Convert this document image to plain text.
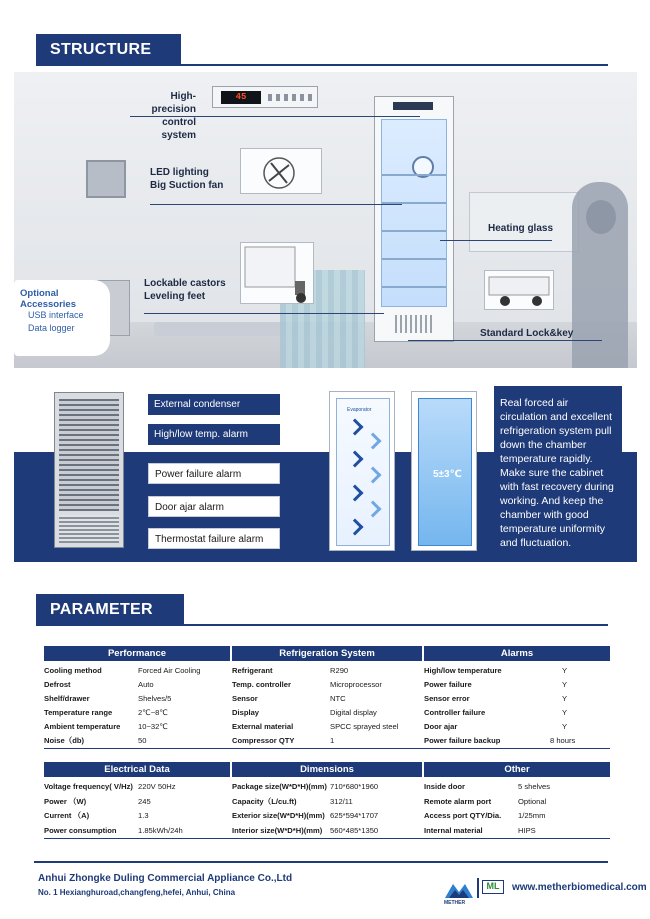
STRUCTURE
45
High-precision
control system
LED lighting
Big Suction fan
Lockable castors
Leveling feet
Heating glass
Standard Lock&key
Optional Accessories
USB interface
Data logger
External condenser
High/low temp. alarm
Power failure alarm
Door ajar alarm
Thermostat failure alarm
Evaporator
5±3℃
Real forced air circulation and excellent refrigeration system pull down the chamber temperature rapidly. Make sure the cabinet with fast recovery during working. And keep the chamber with good temperature uniformity and fluctuation.
PARAMETER
Performance	Refrigeration System	Alarms
Cooling method	Forced Air Cooling
Defrost	Auto
Shelf/drawer	Shelves/5
Temperature range	2℃~8℃
Ambient temperature 10~32℃
Noise（db)	50
Refrigerant	R290
Temp. controller	Microprocessor
Sensor	NTC
Display	Digital display
External material	SPCC sprayed steel
Compressor QTY	1
High/low temperature	Y
Power failure	Y
Sensor error	Y
Controller failure	Y
Door ajar	Y
Power failure backup	8 hours
Electrical Data	Dimensions	Other
Voltage frequency( V/Hz) 220V 50Hz
Power （W)	245
Current （A)	1.3
Power consumption	1.85kWh/24h
Package size(W*D*H)(mm) 710*680*1960
Capacity（L/cu.ft)	312/11
Exterior size(W*D*H)(mm) 625*594*1707
Interior size(W*D*H)(mm) 560*485*1350
Inside door	5 shelves
Remote alarm port	Optional
Access port QTY/Dia. 1/25mm
Internal material	HIPS
Anhui Zhongke Duling Commercial Appliance Co.,Ltd
No. 1 Hexianghuroad,changfeng,hefei, Anhui, China
METHER
ML	www.metherbiomedical.com
